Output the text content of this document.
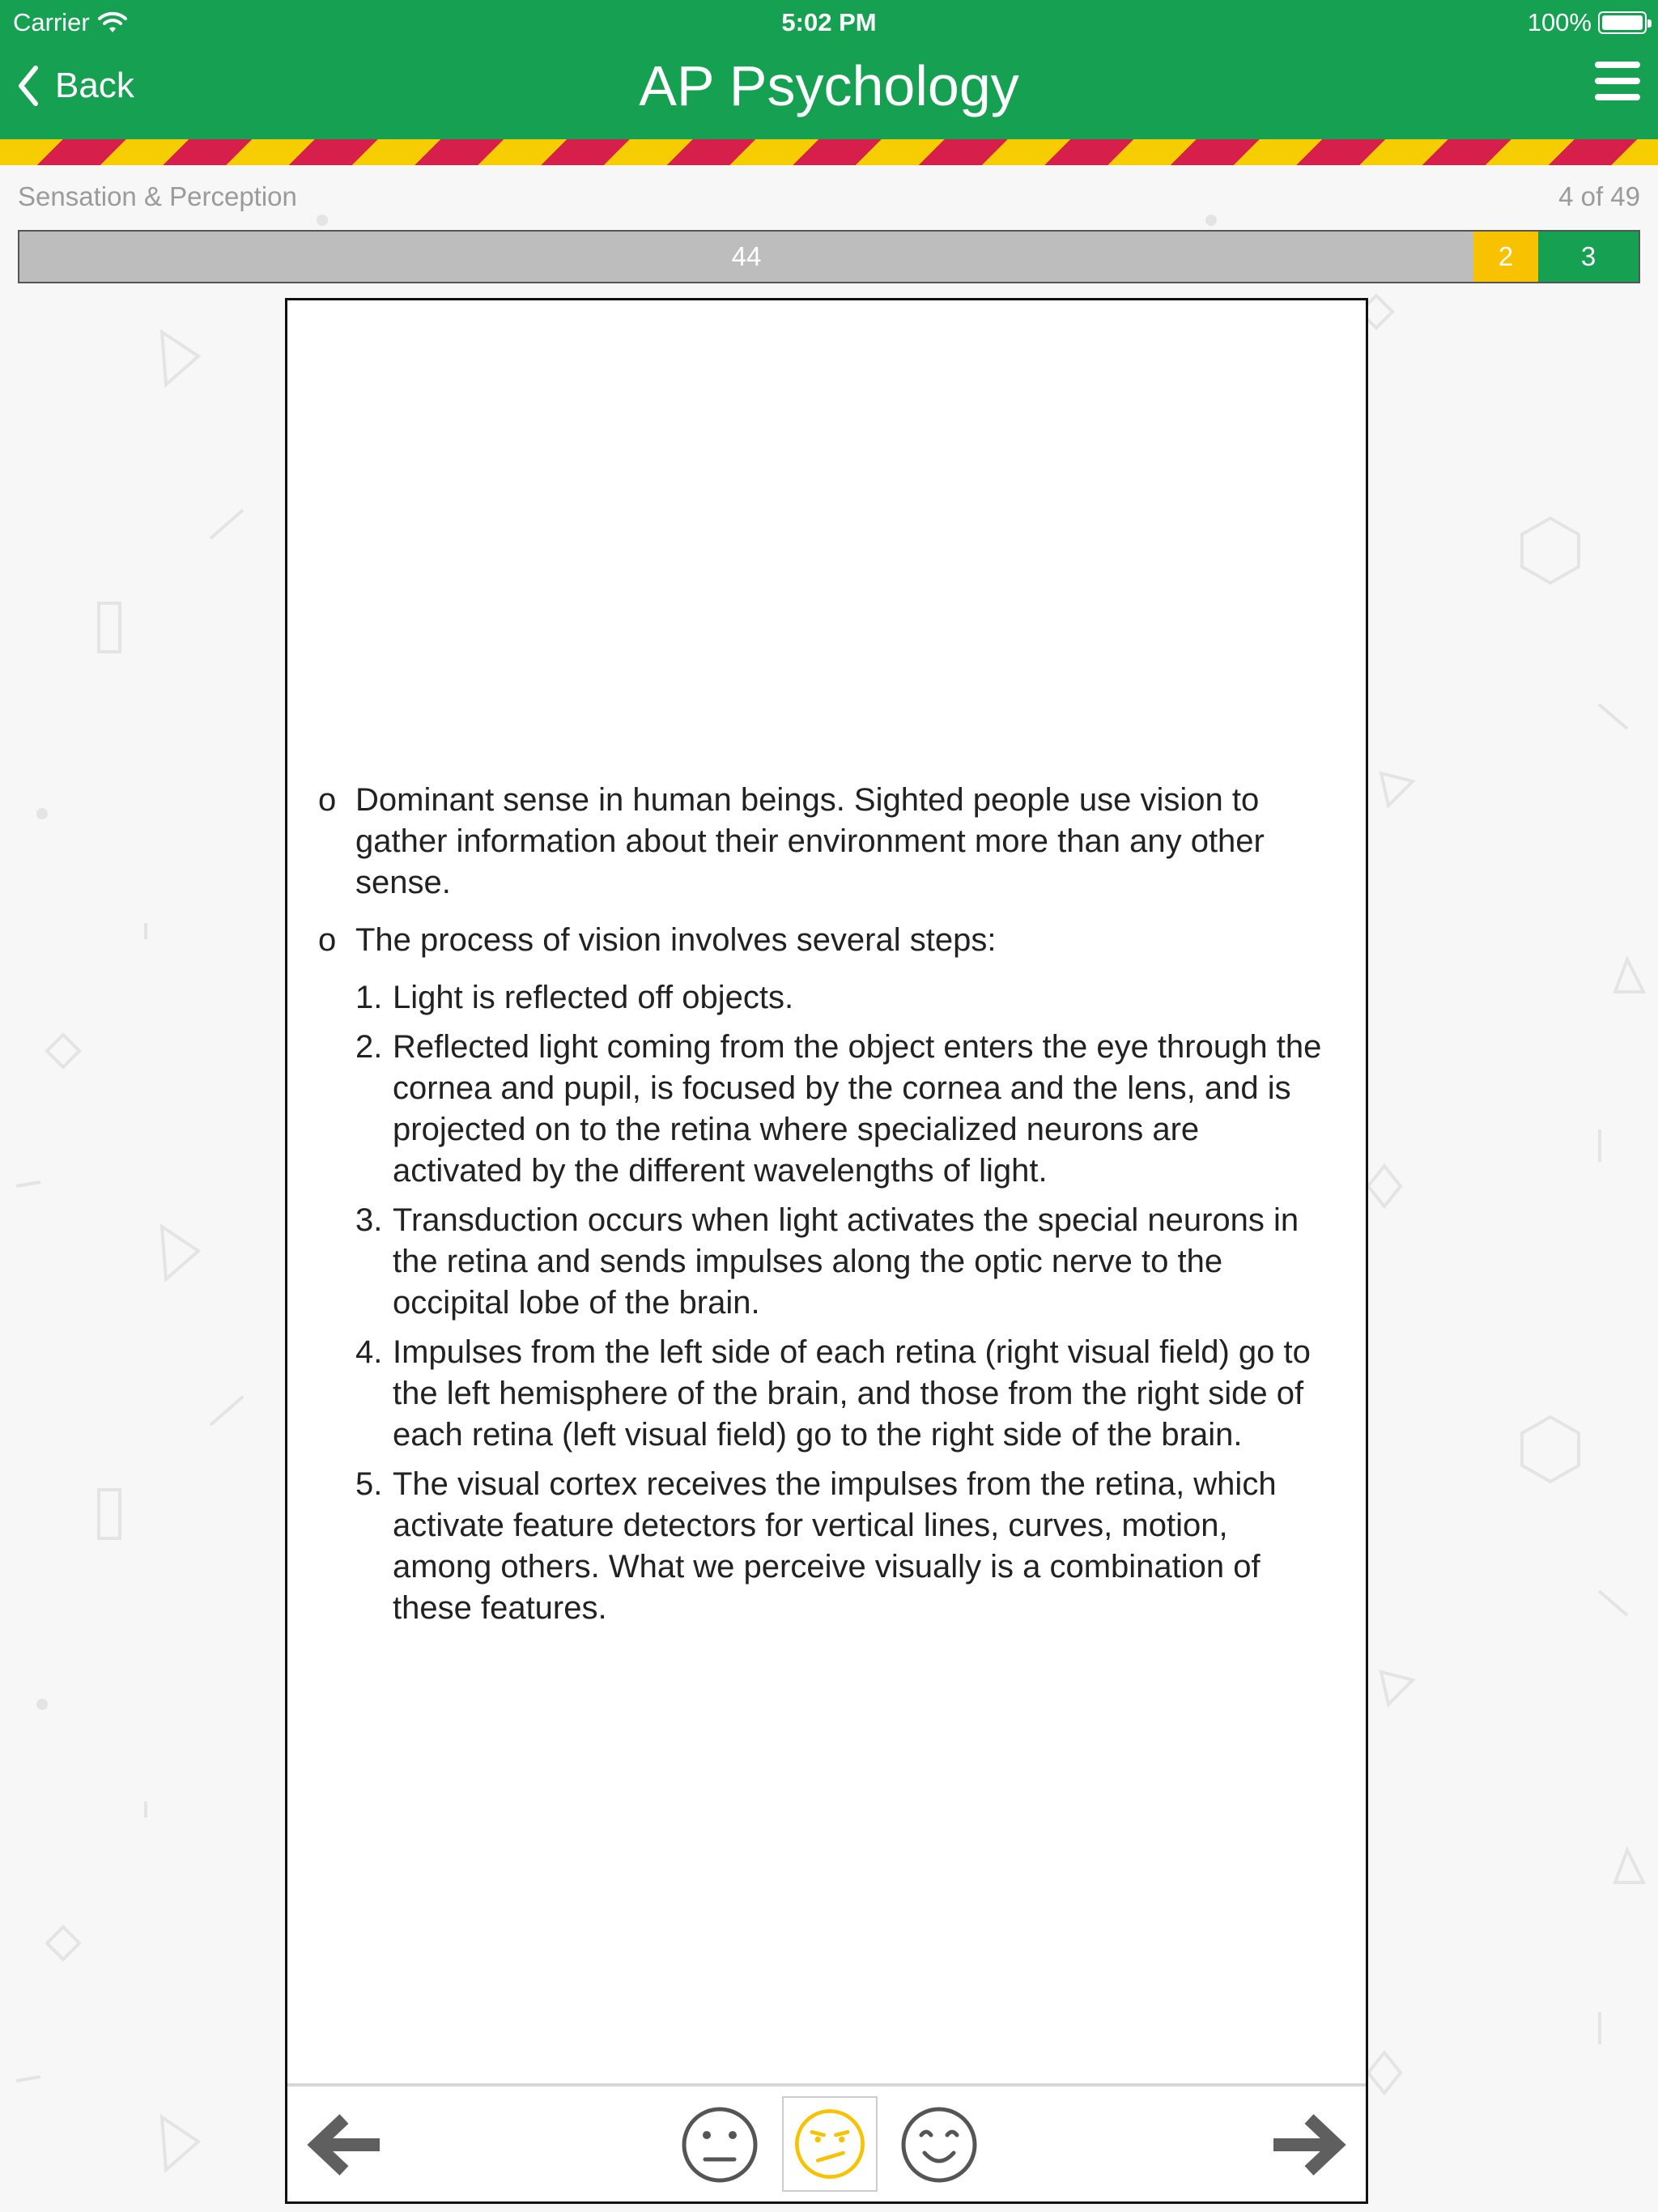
Carrier	5:02 PM	100%
Back	AP Psychology
Sensation & Perception	4 of 49
44	2	3
o Dominant sense in human beings. Sighted people use vision to gather information about their environment more than any other sense.
o The process of vision involves several steps:
1. Light is reflected off objects.
2. Reflected light coming from the object enters the eye through the cornea and pupil, is focused by the cornea and the lens, and is projected on to the retina where specialized neurons are activated by the different wavelengths of light.
3. Transduction occurs when light activates the special neurons in the retina and sends impulses along the optic nerve to the occipital lobe of the brain.
4. Impulses from the left side of each retina (right visual field) go to the left hemisphere of the brain, and those from the right side of each retina (left visual field) go to the right side of the brain.
5. The visual cortex receives the impulses from the retina, which activate feature detectors for vertical lines, curves, motion, among others. What we perceive visually is a combination of these features.
